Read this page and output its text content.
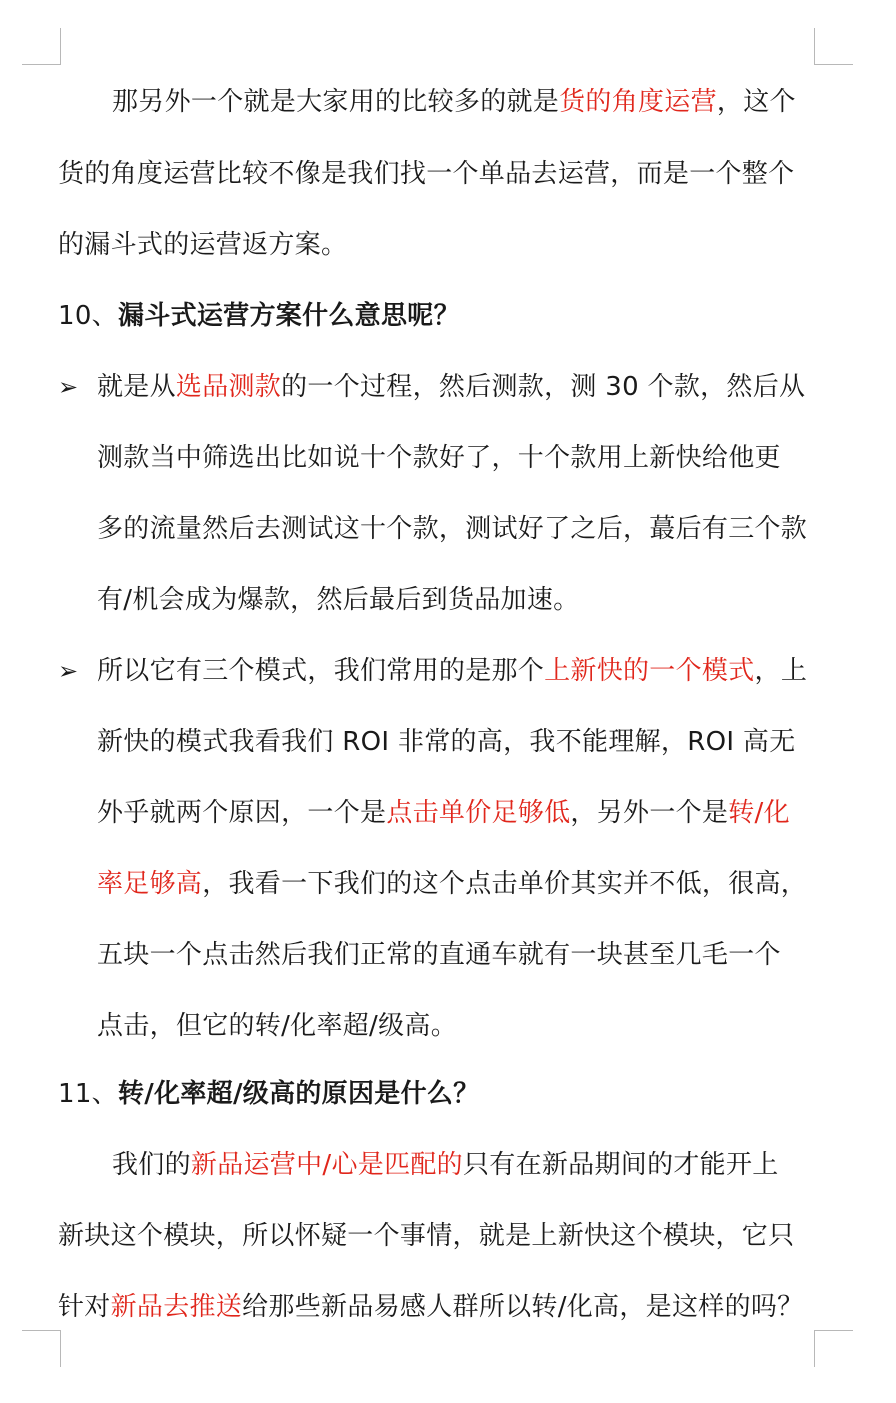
那另外一个就是大家用的比较多的就是货的角度运营，这个
货的角度运营比较不像是我们找一个单品去运营，而是一个整个
的漏斗式的运营返方案。
10、漏斗式运营方案什么意思呢？
➢ 就是从选品测款的一个过程，然后测款，测 30 个款，然后从
测款当中筛选出比如说十个款好了，十个款用上新快给他更
多的流量然后去测试这十个款，测试好了之后，蕞后有三个款
有/机会成为爆款，然后最后到货品加速。
➢ 所以它有三个模式，我们常用的是那个上新快的一个模式，上
新快的模式我看我们 ROI 非常的高，我不能理解，ROI 高无
外乎就两个原因，一个是点击单价足够低，另外一个是转/化
率足够高，我看一下我们的这个点击单价其实并不低，很高，
五块一个点击然后我们正常的直通车就有一块甚至几毛一个
点击，但它的转/化率超/级高。
11、转/化率超/级高的原因是什么？
我们的新品运营中/心是匹配的只有在新品期间的才能开上
新块这个模块，所以怀疑一个事情，就是上新快这个模块，它只
针对新品去推送给那些新品易感人群所以转/化高，是这样的吗？
